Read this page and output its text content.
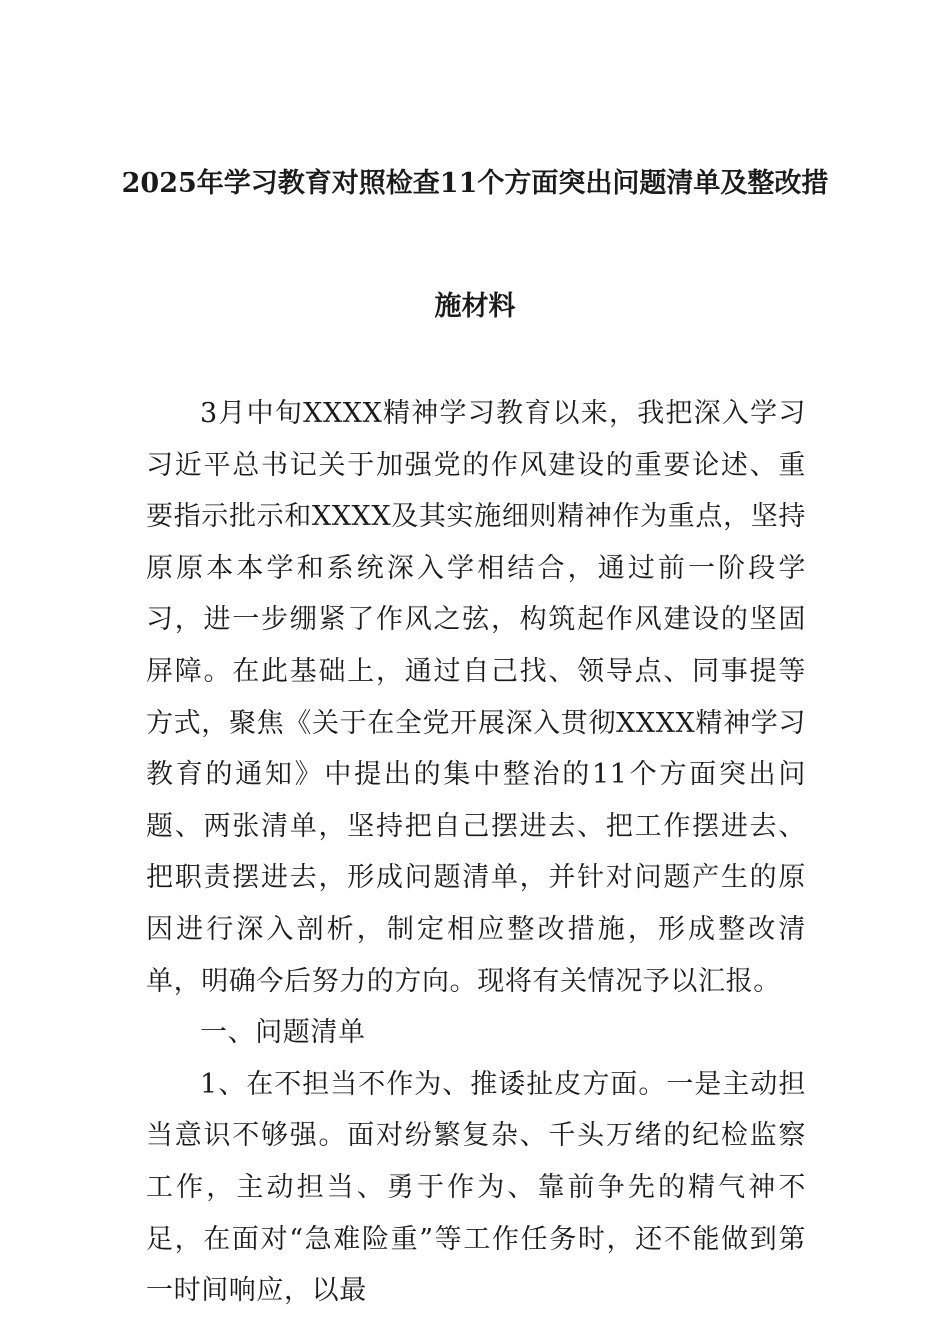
2025年学习教育对照检查11个方面突出问题清单及整改措
施材料

3月中旬XXXX精神学习教育以来，我把深入学习习近平总书记关于加强党的作风建设的重要论述、重要指示批示和XXXX及其实施细则精神作为重点，坚持原原本本学和系统深入学相结合，通过前一阶段学习，进一步绷紧了作风之弦，构筑起作风建设的坚固屏障。在此基础上，通过自己找、领导点、同事提等方式，聚焦《关于在全党开展深入贯彻XXXX精神学习教育的通知》中提出的集中整治的11个方面突出问题、两张清单，坚持把自己摆进去、把工作摆进去、把职责摆进去，形成问题清单，并针对问题产生的原因进行深入剖析，制定相应整改措施，形成整改清单，明确今后努力的方向。现将有关情况予以汇报。

一、问题清单

1、在不担当不作为、推诿扯皮方面。一是主动担当意识不够强。面对纷繁复杂、千头万绪的纪检监察工作，主动担当、勇于作为、靠前争先的精气神不足，在面对“急难险重”等工作任务时，还不能做到第一时间响应，以最
